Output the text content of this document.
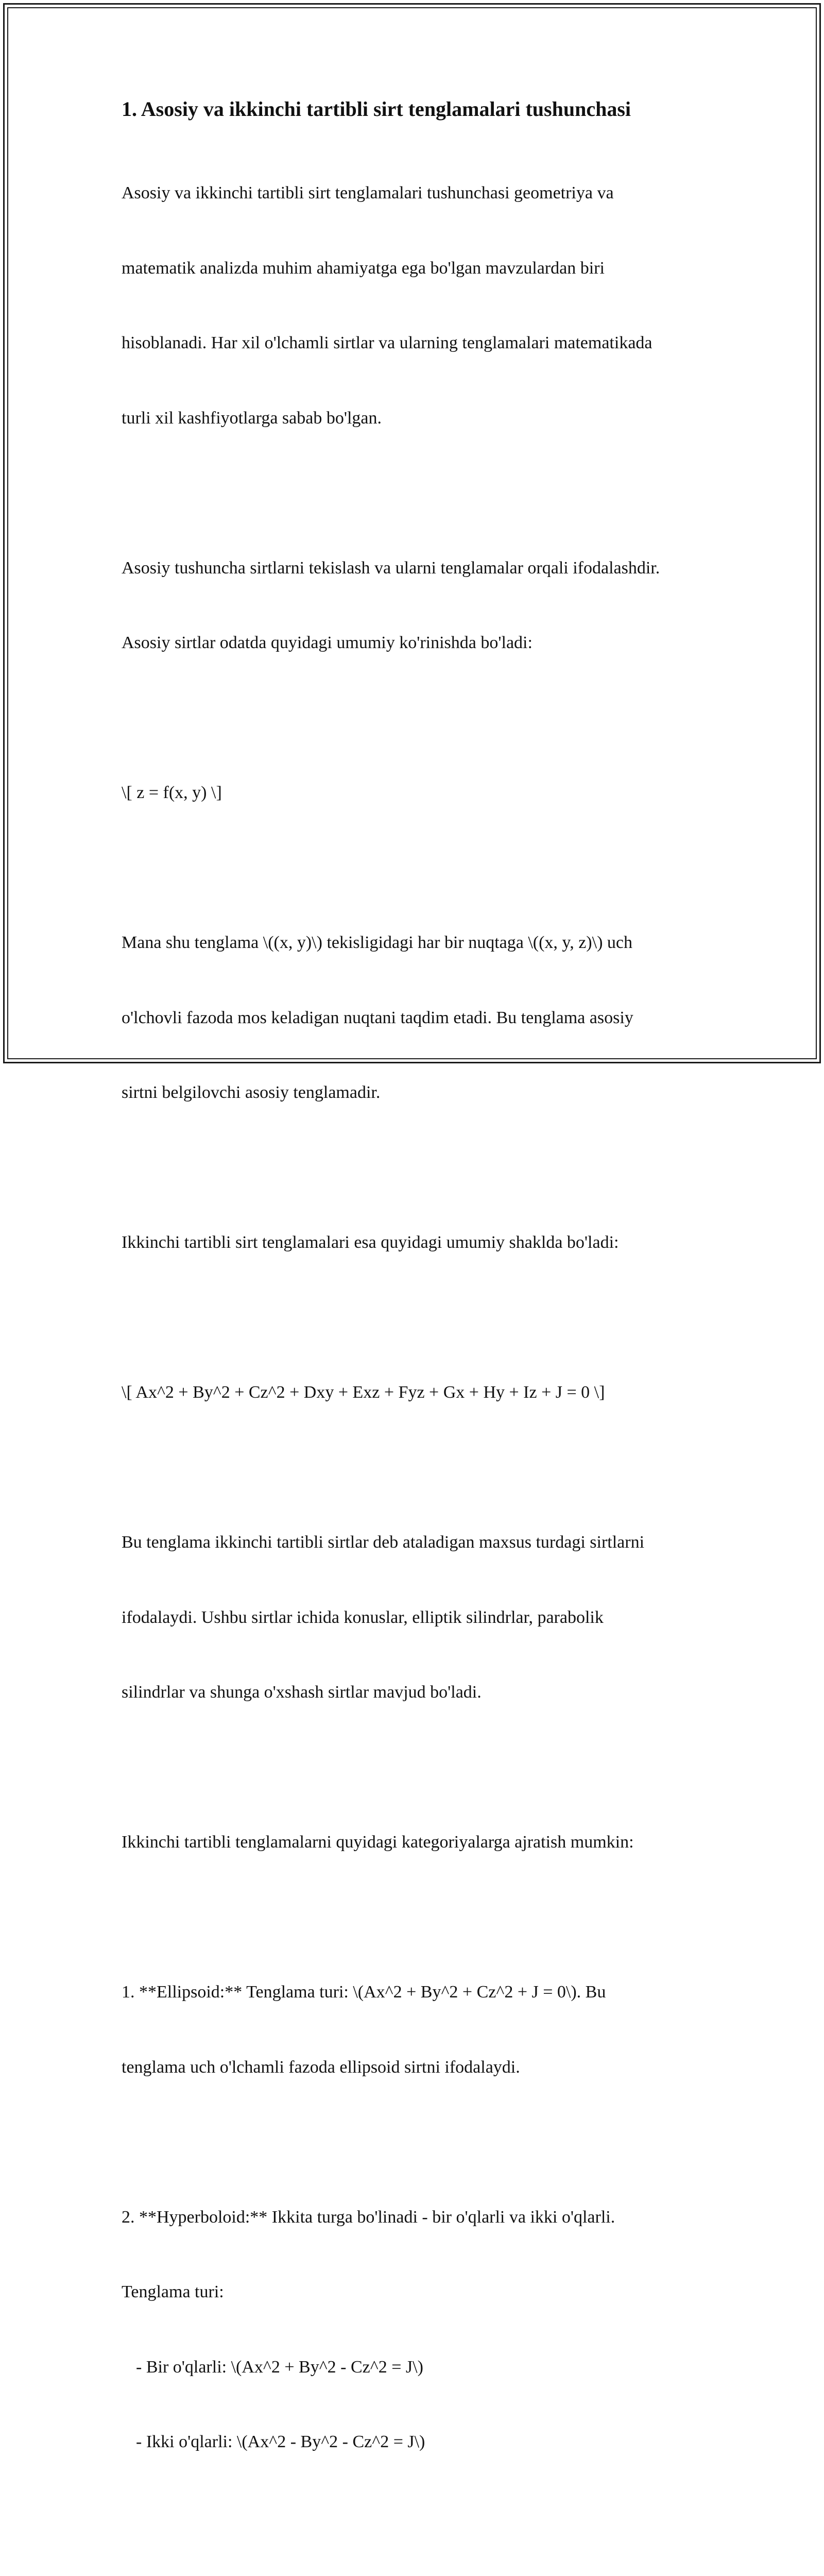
1. Asosiy va ikkinchi tartibli sirt tenglamalari tushunchasi

Asosiy va ikkinchi tartibli sirt tenglamalari tushunchasi geometriya va

matematik analizda muhim ahamiyatga ega bo'lgan mavzulardan biri

hisoblanadi. Har xil o'lchamli sirtlar va ularning tenglamalari matematikada

turli xil kashfiyotlarga sabab bo'lgan.

Asosiy tushuncha sirtlarni tekislash va ularni tenglamalar orqali ifodalashdir.

Asosiy sirtlar odatda quyidagi umumiy ko'rinishda bo'ladi:

\[ z = f(x, y) \]

Mana shu tenglama \((x, y)\) tekisligidagi har bir nuqtaga \((x, y, z)\) uch

o'lchovli fazoda mos keladigan nuqtani taqdim etadi. Bu tenglama asosiy

sirtni belgilovchi asosiy tenglamadir.

Ikkinchi tartibli sirt tenglamalari esa quyidagi umumiy shaklda bo'ladi:

\[ Ax^2 + By^2 + Cz^2 + Dxy + Exz + Fyz + Gx + Hy + Iz + J = 0 \]

Bu tenglama ikkinchi tartibli sirtlar deb ataladigan maxsus turdagi sirtlarni

ifodalaydi. Ushbu sirtlar ichida konuslar, elliptik silindrlar, parabolik

silindrlar va shunga o'xshash sirtlar mavjud bo'ladi.

Ikkinchi tartibli tenglamalarni quyidagi kategoriyalarga ajratish mumkin:

1. **Ellipsoid:** Tenglama turi: \(Ax^2 + By^2 + Cz^2 + J = 0\). Bu

tenglama uch o'lchamli fazoda ellipsoid sirtni ifodalaydi.

2. **Hyperboloid:** Ikkita turga bo'linadi - bir o'qlarli va ikki o'qlarli.

Tenglama turi:

- Bir o'qlarli: \(Ax^2 + By^2 - Cz^2 = J\)

- Ikki o'qlarli: \(Ax^2 - By^2 - Cz^2 = J\)
